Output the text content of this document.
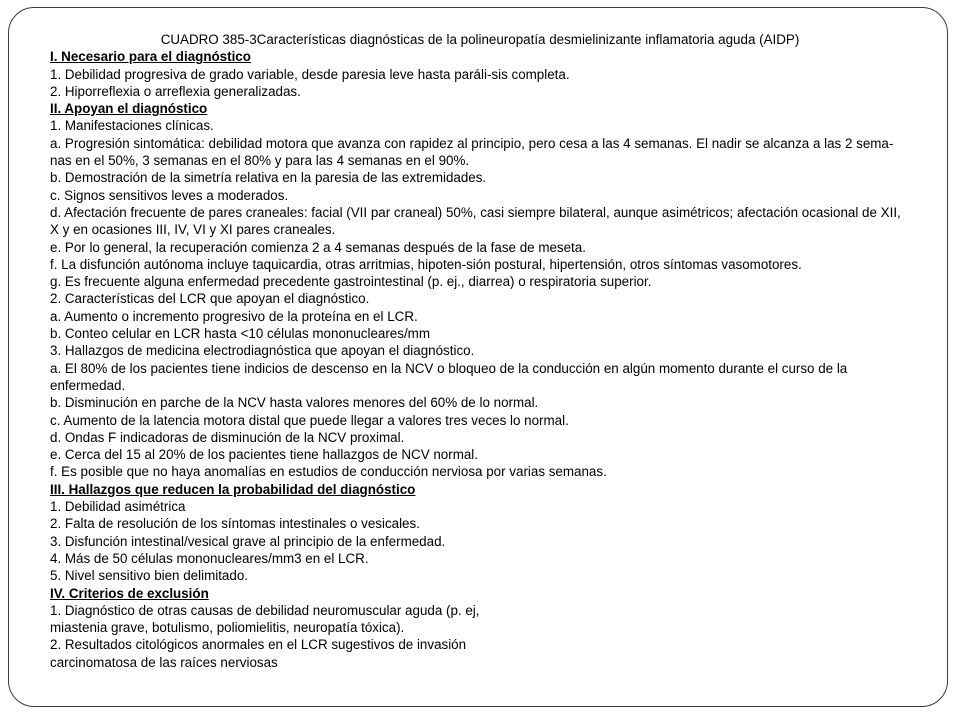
CUADRO 385-3Características diagnósticas de la polineuropatía desmielinizante inflamatoria aguda (AIDP)

I. Necesario para el diagnóstico

1. Debilidad progresiva de grado variable, desde paresia leve hasta paráli-sis completa.

2. Hiporreflexia o arreflexia generalizadas.

II. Apoyan el diagnóstico

1. Manifestaciones clínicas.

a. Progresión sintomática: debilidad motora que avanza con rapidez al principio, pero cesa a las 4 semanas. El nadir se alcanza a las 2 sema-nas en el 50%, 3 semanas en el 80% y para las 4 semanas en el 90%.

b. Demostración de la simetría relativa en la paresia de las extremidades.

c. Signos sensitivos leves a moderados.

d. Afectación frecuente de pares craneales: facial (VII par craneal) 50%, casi siempre bilateral, aunque asimétricos; afectación ocasional de XII, X y en ocasiones III, IV, VI y XI pares craneales.

e. Por lo general, la recuperación comienza 2 a 4 semanas después de la fase de meseta.

f. La disfunción autónoma incluye taquicardia, otras arritmias, hipoten-sión postural, hipertensión, otros síntomas vasomotores.

g. Es frecuente alguna enfermedad precedente gastrointestinal (p. ej., diarrea) o respiratoria superior.

2. Características del LCR que apoyan el diagnóstico.

a. Aumento o incremento progresivo de la proteína en el LCR.

b. Conteo celular en LCR hasta <10 células mononucleares/mm

3. Hallazgos de medicina electrodiagnóstica que apoyan el diagnóstico.

a. El 80% de los pacientes tiene indicios de descenso en la NCV o bloqueo de la conducción en algún momento durante el curso de la enfermedad.

b. Disminución en parche de la NCV hasta valores menores del 60% de lo normal.

c. Aumento de la latencia motora distal que puede llegar a valores tres veces lo normal.

d. Ondas F indicadoras de disminución de la NCV proximal.

e. Cerca del 15 al 20% de los pacientes tiene hallazgos de NCV normal.

f. Es posible que no haya anomalías en estudios de conducción nerviosa por varias semanas.

III. Hallazgos que reducen la probabilidad del diagnóstico

1. Debilidad asimétrica

2. Falta de resolución de los síntomas intestinales o vesicales.

3. Disfunción intestinal/vesical grave al principio de la enfermedad.

4. Más de 50 células mononucleares/mm3 en el LCR.

5. Nivel sensitivo bien delimitado.

IV. Criterios de exclusión

1. Diagnóstico de otras causas de debilidad neuromuscular aguda (p. ej,

miastenia grave, botulismo, poliomielitis, neuropatía tóxica).

2. Resultados citológicos anormales en el LCR sugestivos de invasión

carcinomatosa de las raíces nerviosas
